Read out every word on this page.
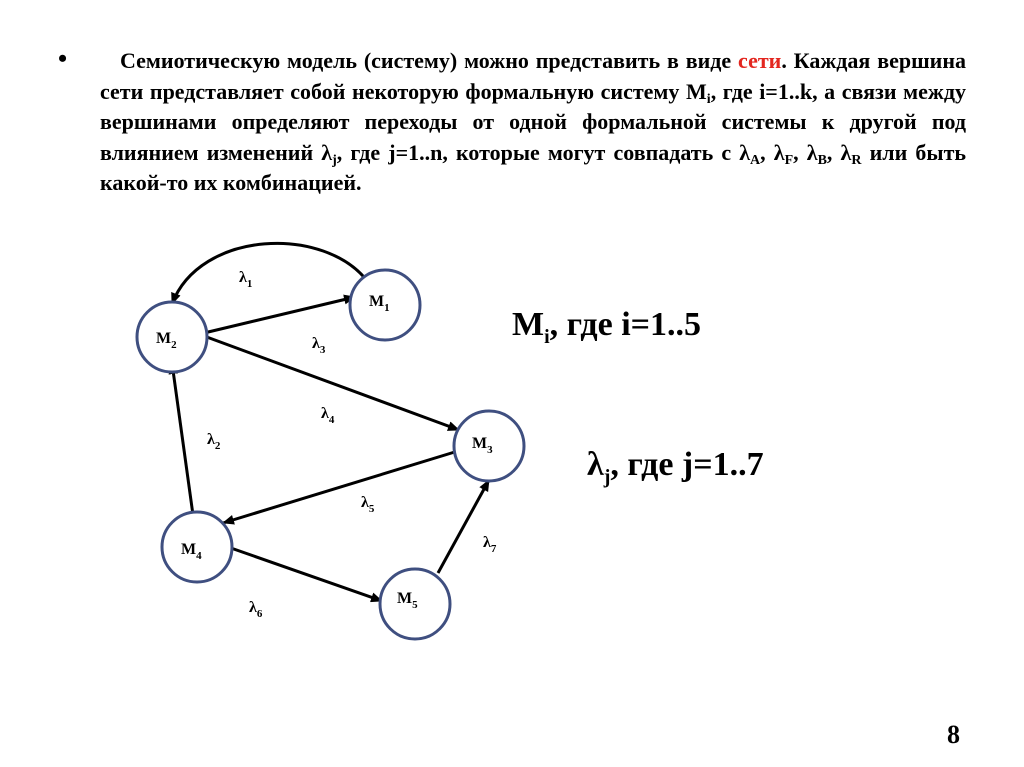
•	Семиотическую модель (систему) можно представить в виде сети. Каждая вершина сети представляет собой некоторую формальную систему $M_i$, где i=1..k, а связи между вершинами определяют переходы от одной формальной системы к другой под влиянием изменений $\lambda_j$, где j=1..n, которые могут совпадать с $\lambda_A$, $\lambda_F$, $\lambda_B$, $\lambda_R$ или быть какой-то их комбинацией.
$M_1$
$M_2$
$M_3$
$M_4$
$M_5$
$\lambda_1$
$\lambda_2$
$\lambda_3$
$\lambda_4$
$\lambda_5$
$\lambda_6$
$\lambda_7$
$M_i$, где i=1..5
$\lambda_j$, где j=1..7
8
